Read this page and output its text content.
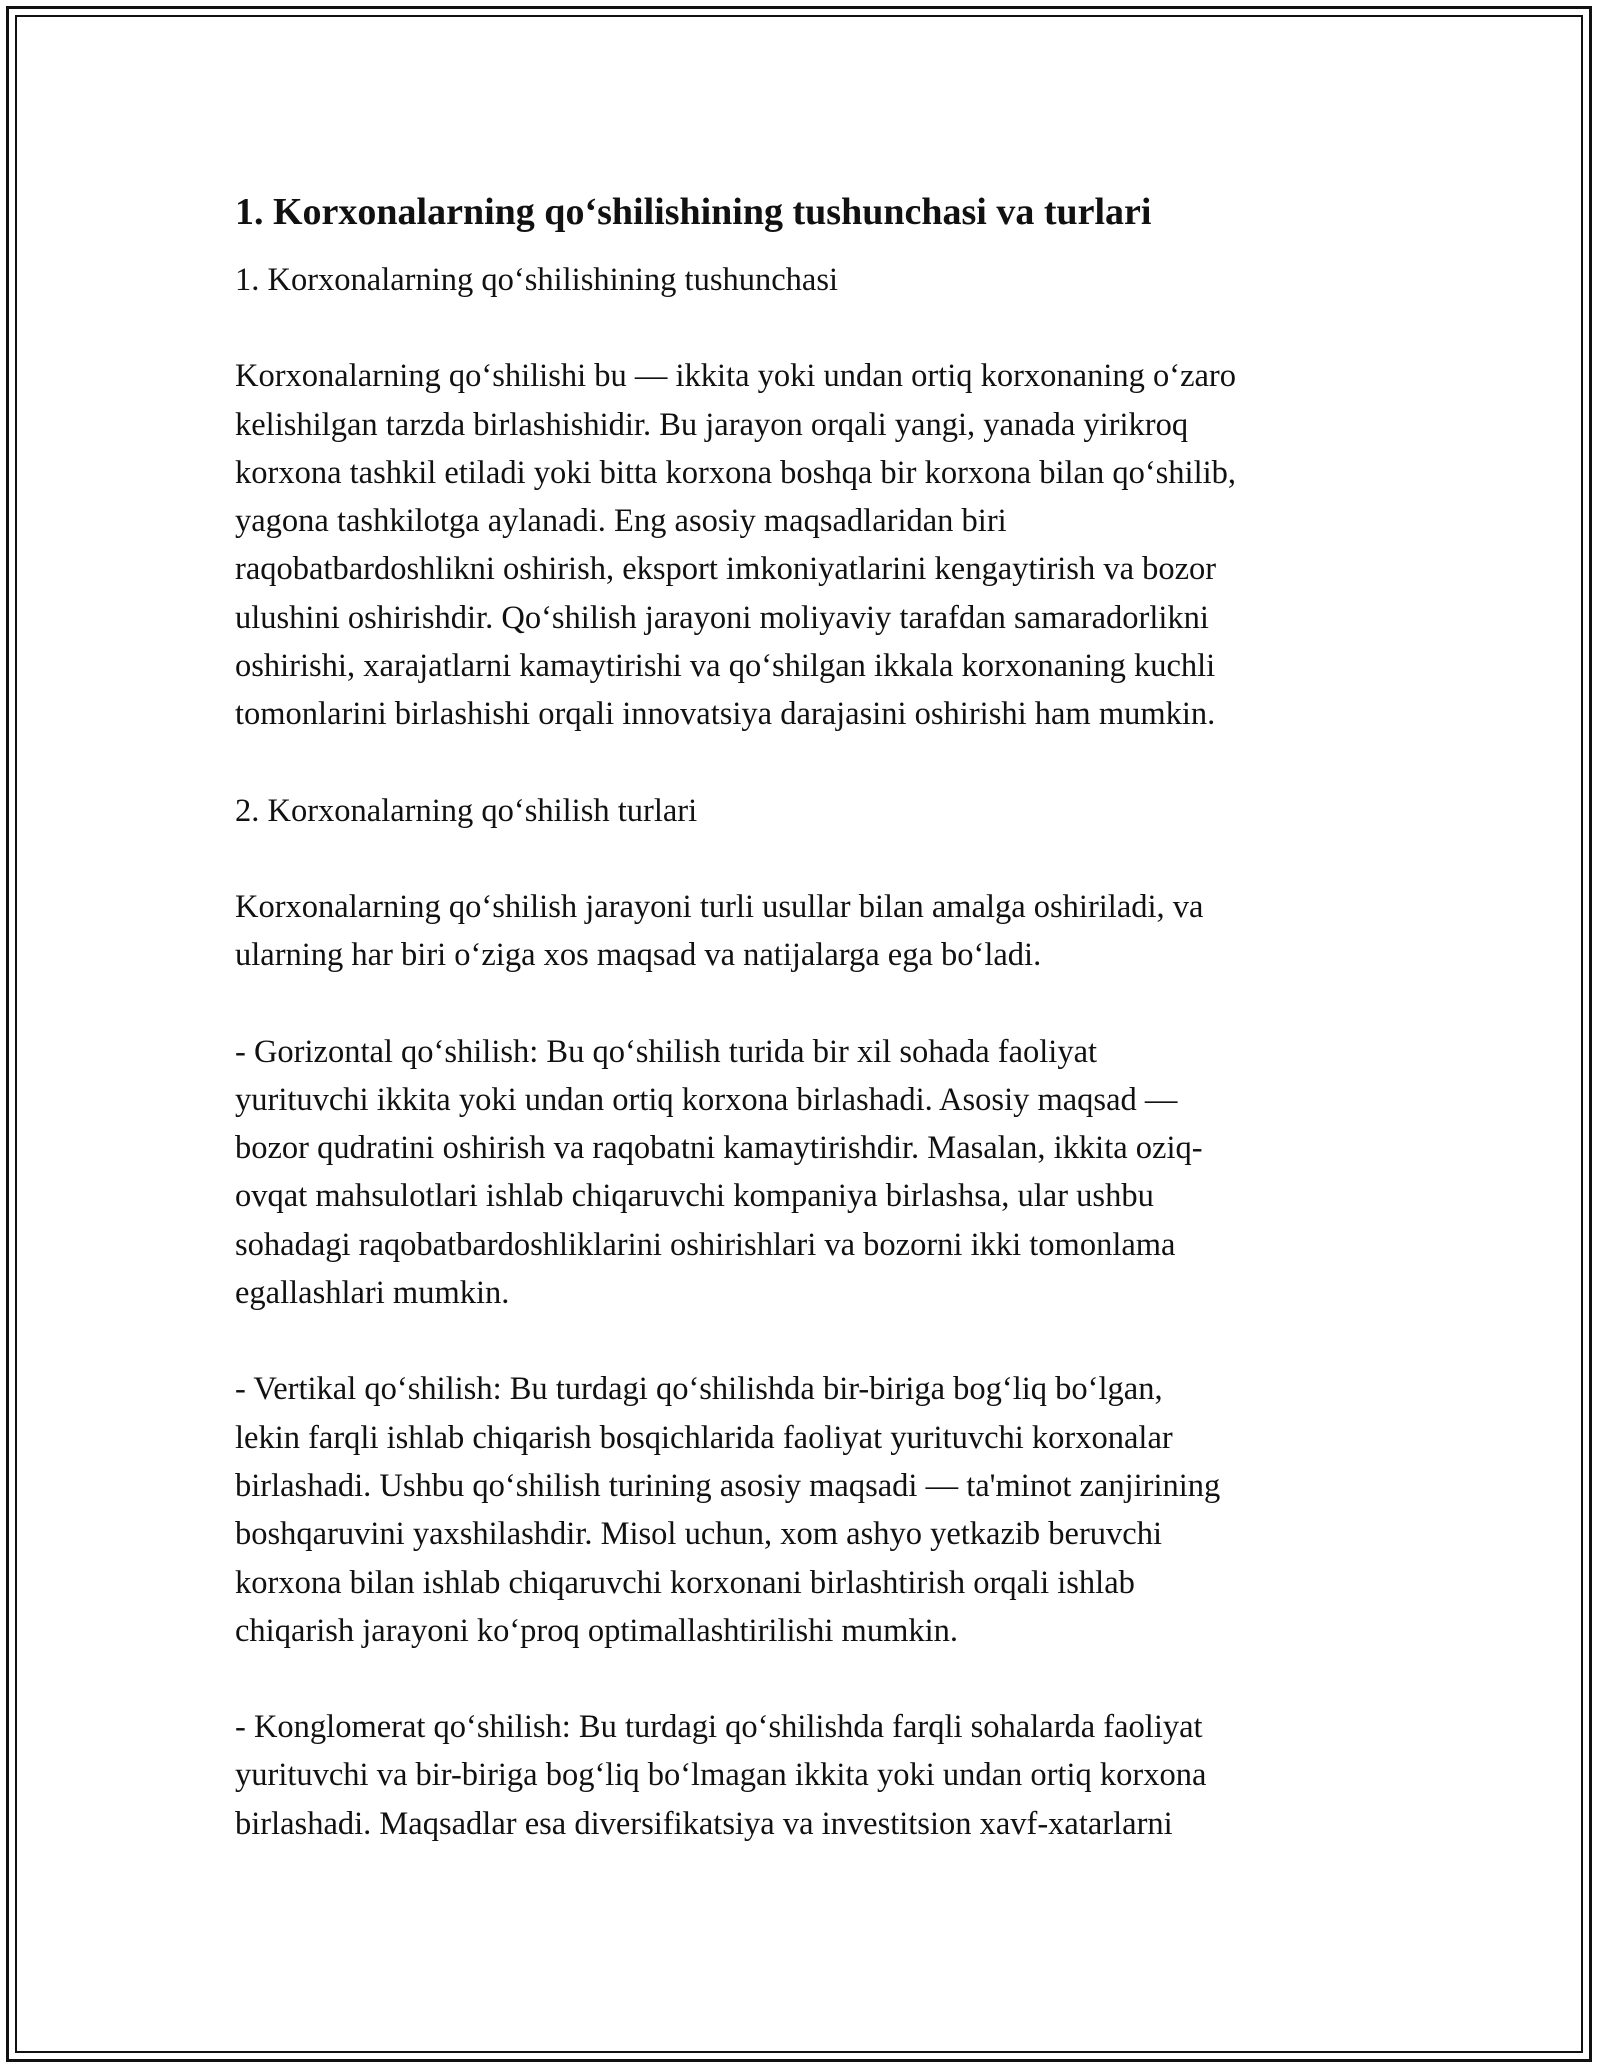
1. Korxonalarning qo‘shilishining tushunchasi va turlari

1. Korxonalarning qo‘shilishining tushunchasi

Korxonalarning qo‘shilishi bu — ikkita yoki undan ortiq korxonaning o‘zaro
kelishilgan tarzda birlashishidir. Bu jarayon orqali yangi, yanada yirikroq
korxona tashkil etiladi yoki bitta korxona boshqa bir korxona bilan qo‘shilib,
yagona tashkilotga aylanadi. Eng asosiy maqsadlaridan biri
raqobatbardoshlikni oshirish, eksport imkoniyatlarini kengaytirish va bozor
ulushini oshirishdir. Qo‘shilish jarayoni moliyaviy tarafdan samaradorlikni
oshirishi, xarajatlarni kamaytirishi va qo‘shilgan ikkala korxonaning kuchli
tomonlarini birlashishi orqali innovatsiya darajasini oshirishi ham mumkin.

2. Korxonalarning qo‘shilish turlari

Korxonalarning qo‘shilish jarayoni turli usullar bilan amalga oshiriladi, va
ularning har biri o‘ziga xos maqsad va natijalarga ega bo‘ladi.

- Gorizontal qo‘shilish: Bu qo‘shilish turida bir xil sohada faoliyat
yurituvchi ikkita yoki undan ortiq korxona birlashadi. Asosiy maqsad —
bozor qudratini oshirish va raqobatni kamaytirishdir. Masalan, ikkita oziq-
ovqat mahsulotlari ishlab chiqaruvchi kompaniya birlashsa, ular ushbu
sohadagi raqobatbardoshliklarini oshirishlari va bozorni ikki tomonlama
egallashlari mumkin.

- Vertikal qo‘shilish: Bu turdagi qo‘shilishda bir-biriga bog‘liq bo‘lgan,
lekin farqli ishlab chiqarish bosqichlarida faoliyat yurituvchi korxonalar
birlashadi. Ushbu qo‘shilish turining asosiy maqsadi — ta'minot zanjirining
boshqaruvini yaxshilashdir. Misol uchun, xom ashyo yetkazib beruvchi
korxona bilan ishlab chiqaruvchi korxonani birlashtirish orqali ishlab
chiqarish jarayoni ko‘proq optimallashtirilishi mumkin.

- Konglomerat qo‘shilish: Bu turdagi qo‘shilishda farqli sohalarda faoliyat
yurituvchi va bir-biriga bog‘liq bo‘lmagan ikkita yoki undan ortiq korxona
birlashadi. Maqsadlar esa diversifikatsiya va investitsion xavf-xatarlarni
